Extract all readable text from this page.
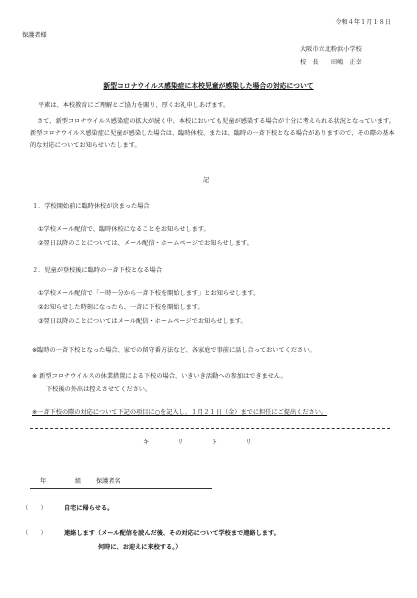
令和４年１月１８日
保護者様
大阪市立北粉浜小学校
校　長　　田嶋　正幸
新型コロナウイルス感染症に本校児童が感染した場合の対応について
平素は、本校教育にご理解とご協力を賜り、厚くお礼申しあげます。
さて、新型コロナウイルス感染症の拡大が続く中、本校においても児童が感染する場合が十分に考えられる状況となっています。新型コロナウイルス感染症に児童が感染した場合は、臨時休校、または、臨時の一斉下校となる場合がありますので、その際の基本的な対応についてお知らせいたします。
記
１．学校開始前に臨時休校が決まった場合
①学校メール配信で、臨時休校になることをお知らせします。
②翌日以降のことについては、メール配信・ホームページでお知らせします。
２．児童が登校後に臨時の一斉下校となる場合
①学校メール配信で「〜時〜分から一斉下校を開始します」とお知らせします。
②お知らせした時刻になったら、一斉に下校を開始します。
③翌日以降のことについてはメール配信・ホームページでお知らせします。
※臨時の一斉下校となった場合、家での留守番方法など、各家庭で事前に話し合っておいてください。
※ 新型コロナウイルスの休業措置による下校の場合、いきいき活動への参加はできません。
下校後の外出は控えさせてください。
※一斉下校の際の対応について下記の項目に○を記入し、１月２１日（金）までに担任にご提出ください。
キリトリ
年	組 保護者名
（　　）	自宅に帰らせる。
（　　）	連絡します（メール配信を読んだ後、その対応について学校まで連絡します。
何時に、お迎えに来校する。）
